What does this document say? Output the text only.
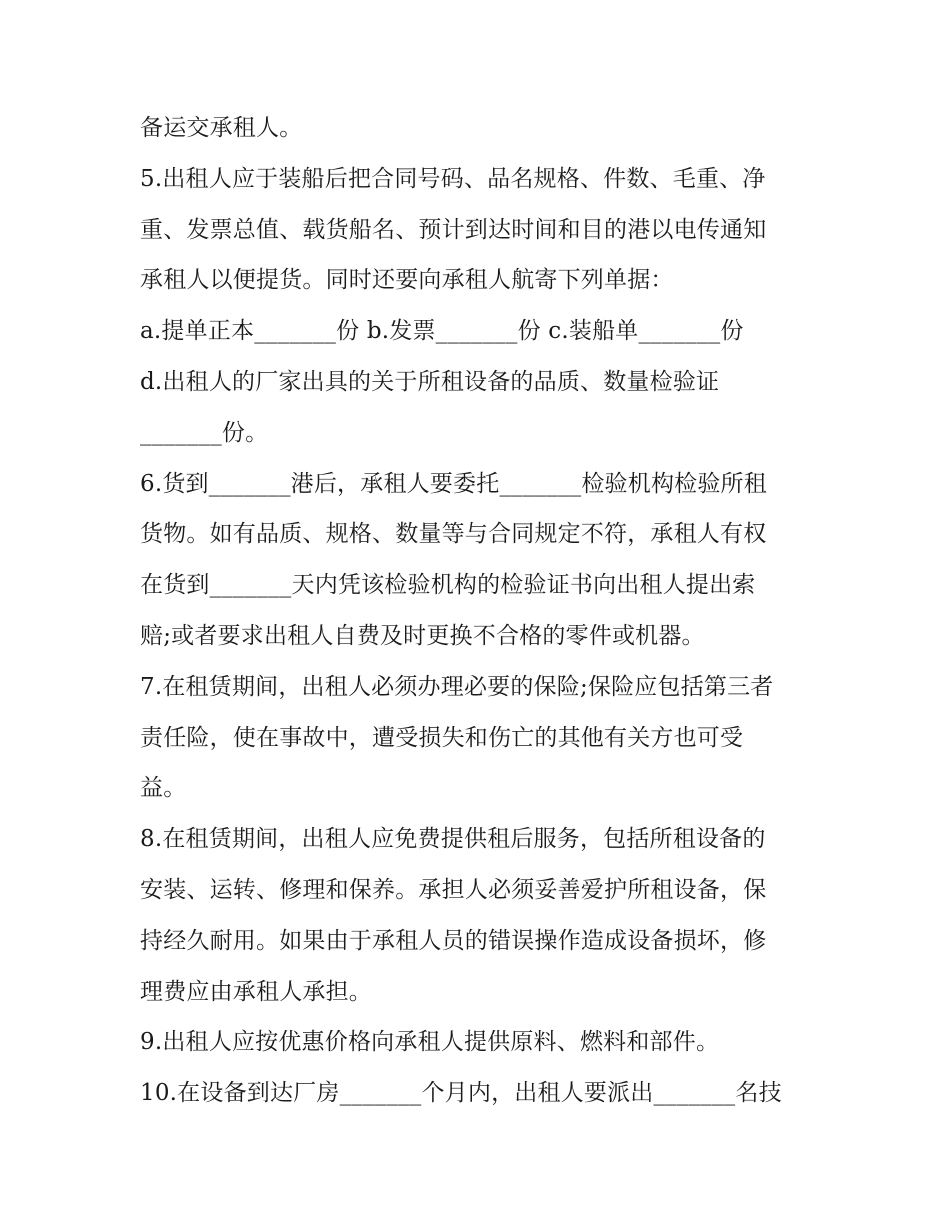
备运交承租人。
5.出租人应于装船后把合同号码、品名规格、件数、毛重、净
重、发票总值、载货船名、预计到达时间和目的港以电传通知
承租人以便提货。同时还要向承租人航寄下列单据：
a.提单正本_______份 b.发票_______份 c.装船单_______份
d.出租人的厂家出具的关于所租设备的品质、数量检验证
_______份。
6.货到_______港后，承租人要委托_______检验机构检验所租
货物。如有品质、规格、数量等与合同规定不符，承租人有权
在货到_______天内凭该检验机构的检验证书向出租人提出索
赔;或者要求出租人自费及时更换不合格的零件或机器。
7.在租赁期间，出租人必须办理必要的保险;保险应包括第三者
责任险，使在事故中，遭受损失和伤亡的其他有关方也可受
益。
8.在租赁期间，出租人应免费提供租后服务，包括所租设备的
安装、运转、修理和保养。承担人必须妥善爱护所租设备，保
持经久耐用。如果由于承租人员的错误操作造成设备损坏，修
理费应由承租人承担。
9.出租人应按优惠价格向承租人提供原料、燃料和部件。
10.在设备到达厂房_______个月内，出租人要派出_______名技
